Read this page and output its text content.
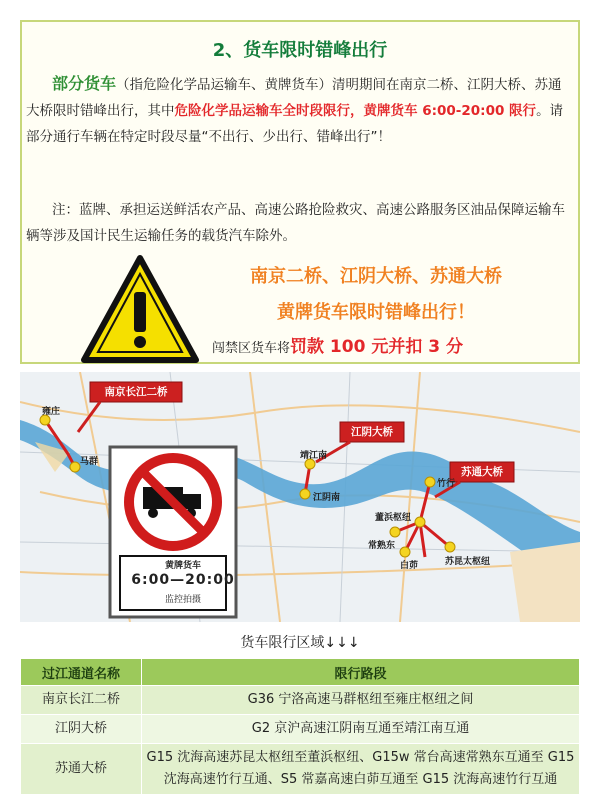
2、货车限时错峰出行
部分货车（指危险化学品运输车、黄牌货车）清明期间在南京二桥、江阴大桥、苏通大桥限时错峰出行，其中危险化学品运输车全时段限行，黄牌货车 6:00-20:00 限行。请部分通行车辆在特定时段尽量“不出行、少出行、错峰出行”！
注：蓝牌、承担运送鲜活农产品、高速公路抢险救灾、高速公路服务区油品保障运输车辆等涉及国计民生运输任务的载货汽车除外。
南京二桥、江阴大桥、苏通大桥
黄牌货车限时错峰出行！
闯禁区货车将罚款 100 元并扣 3 分
南京长江二桥
江阴大桥
苏通大桥
雍庄
马群
靖江南
江阴南
竹行
董浜枢纽
常熟东
白茆	苏昆太枢纽
黄牌货车
6:00—20:00
监控拍摄
货车限行区域↓↓↓
过江通道名称	限行路段
南京长江二桥	G36 宁洛高速马群枢纽至雍庄枢纽之间
江阴大桥	G2 京沪高速江阴南互通至靖江南互通
苏通大桥	G15 沈海高速苏昆太枢纽至董浜枢纽、G15w 常台高速常熟东互通至 G15 沈海高速竹行互通、S5 常嘉高速白茆互通至 G15 沈海高速竹行互通
